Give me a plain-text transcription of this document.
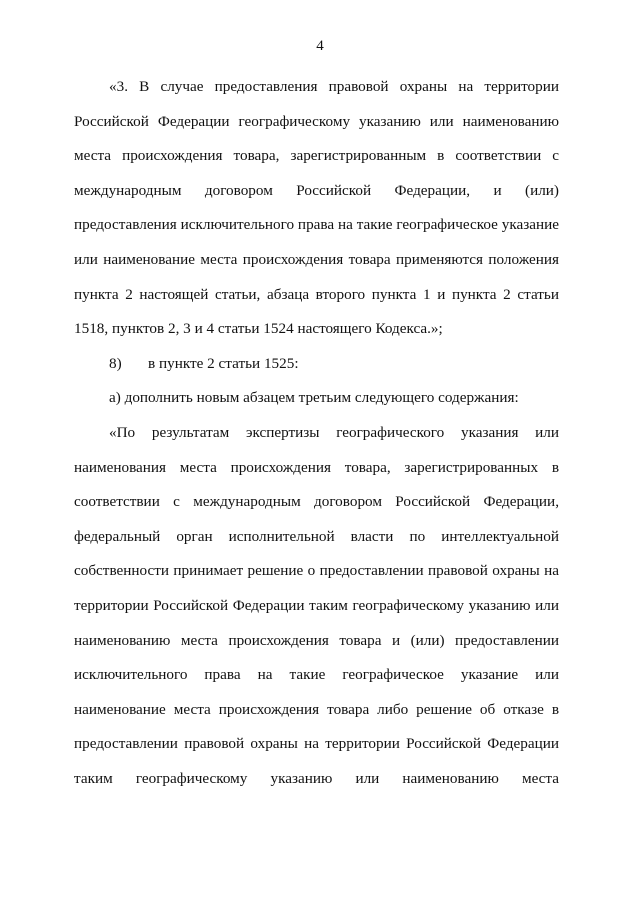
4
«3. В случае предоставления правовой охраны на территории
Российской Федерации географическому указанию или наименованию
места происхождения товара, зарегистрированным в соответствии с
международным договором Российской Федерации, и (или)
предоставления исключительного права на такие географическое указание
или наименование места происхождения товара применяются положения
пункта 2 настоящей статьи, абзаца второго пункта 1 и пункта 2 статьи
1518, пунктов 2, 3 и 4 статьи 1524 настоящего Кодекса.»;
8) в пункте 2 статьи 1525:
а) дополнить новым абзацем третьим следующего содержания:
«По результатам экспертизы географического указания или
наименования места происхождения товара, зарегистрированных в
соответствии с международным договором Российской Федерации,
федеральный орган исполнительной власти по интеллектуальной
собственности принимает решение о предоставлении правовой охраны на
территории Российской Федерации таким географическому указанию или
наименованию места происхождения товара и (или) предоставлении
исключительного права на такие географическое указание или
наименование места происхождения товара либо решение об отказе в
предоставлении правовой охраны на территории Российской Федерации
таким географическому указанию или наименованию места
